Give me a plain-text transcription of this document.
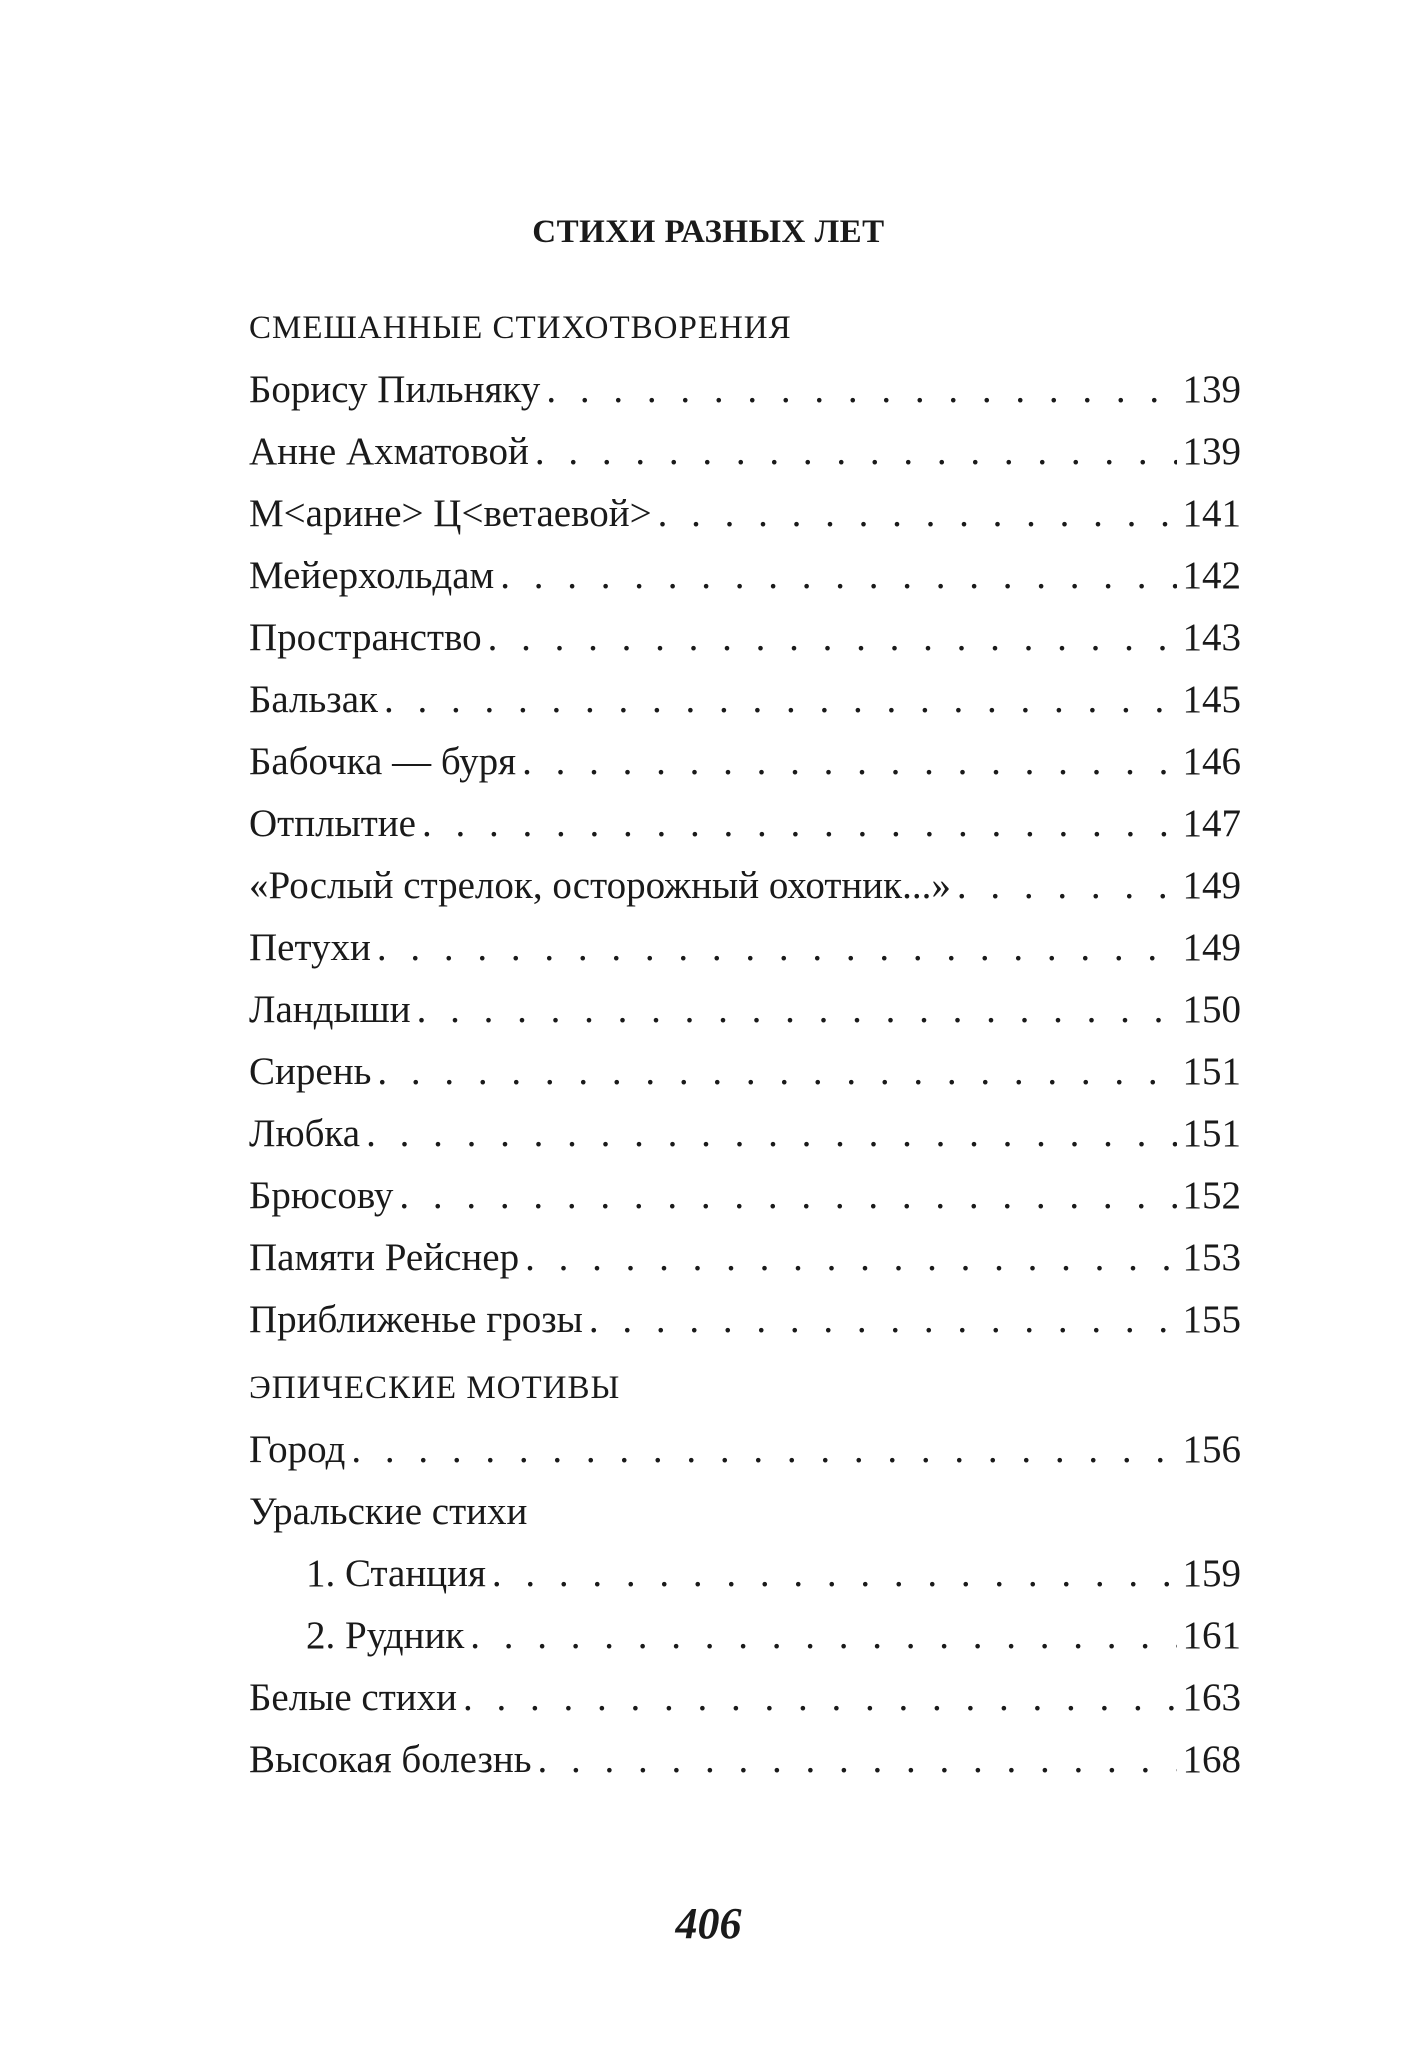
СТИХИ РАЗНЫХ ЛЕТ
СМЕШАННЫЕ СТИХОТВОРЕНИЯ
Борису Пильняку . . .	139
Анне Ахматовой . . .	139
М<арине> Ц<ветаевой> . . .	141
Мейерхольдам . . .	142
Пространство . . .	143
Бальзак . . .	145
Бабочка — буря . . .	146
Отплытие . . .	147
«Рослый стрелок, осторожный охотник...» . . .	149
Петухи . . .	149
Ландыши . . .	150
Сирень . . .	151
Любка . . .	151
Брюсову . . .	152
Памяти Рейснер . . .	153
Приближенье грозы . . .	155
ЭПИЧЕСКИЕ МОТИВЫ
Город . . .	156
Уральские стихи
1. Станция . . .	159
2. Рудник . . .	161
Белые стихи . . .	163
Высокая болезнь . . .	168
406
